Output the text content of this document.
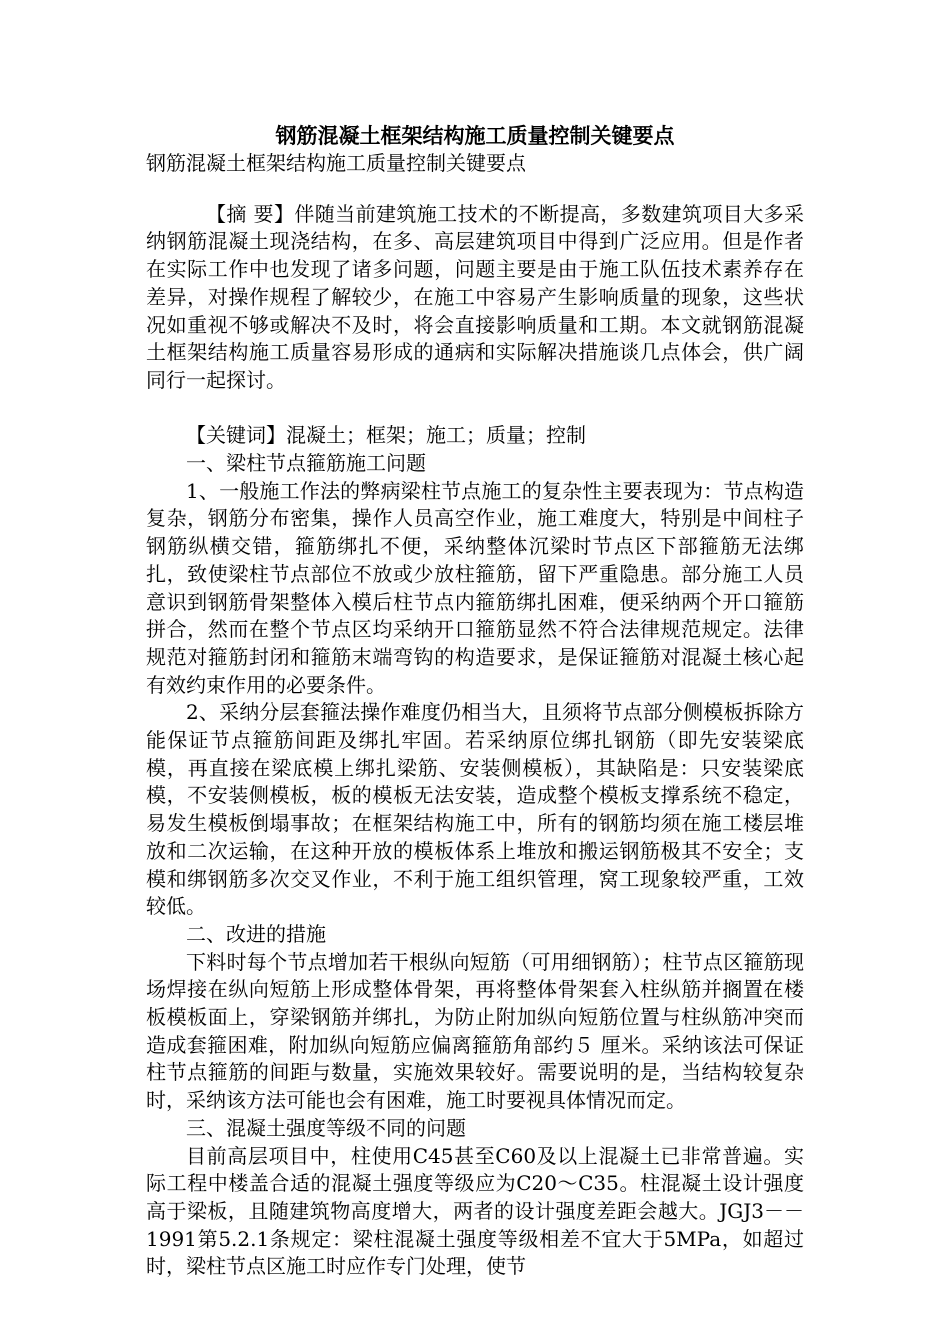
钢筋混凝土框架结构施工质量控制关键要点

钢筋混凝土框架结构施工质量控制关键要点

【摘 要】伴随当前建筑施工技术的不断提高，多数建筑项目大多采纳钢筋混凝土现浇结构，在多、高层建筑项目中得到广泛应用。但是作者在实际工作中也发现了诸多问题，问题主要是由于施工队伍技术素养存在差异，对操作规程了解较少，在施工中容易产生影响质量的现象，这些状况如重视不够或解决不及时，将会直接影响质量和工期。本文就钢筋混凝土框架结构施工质量容易形成的通病和实际解决措施谈几点体会，供广阔同行一起探讨。

【关键词】混凝土；框架；施工；质量；控制

一、梁柱节点箍筋施工问题

1、一般施工作法的弊病梁柱节点施工的复杂性主要表现为：节点构造复杂，钢筋分布密集，操作人员高空作业，施工难度大，特别是中间柱子钢筋纵横交错，箍筋绑扎不便，采纳整体沉梁时节点区下部箍筋无法绑扎，致使梁柱节点部位不放或少放柱箍筋，留下严重隐患。部分施工人员意识到钢筋骨架整体入模后柱节点内箍筋绑扎困难，便采纳两个开口箍筋拼合，然而在整个节点区均采纳开口箍筋显然不符合法律规范规定。法律规范对箍筋封闭和箍筋末端弯钩的构造要求，是保证箍筋对混凝土核心起有效约束作用的必要条件。

2、采纳分层套箍法操作难度仍相当大，且须将节点部分侧模板拆除方能保证节点箍筋间距及绑扎牢固。若采纳原位绑扎钢筋（即先安装梁底模，再直接在梁底模上绑扎梁筋、安装侧模板），其缺陷是：只安装梁底模，不安装侧模板，板的模板无法安装，造成整个模板支撑系统不稳定，易发生模板倒塌事故；在框架结构施工中，所有的钢筋均须在施工楼层堆放和二次运输，在这种开放的模板体系上堆放和搬运钢筋极其不安全；支模和绑钢筋多次交叉作业，不利于施工组织管理，窝工现象较严重，工效较低。

二、改进的措施

下料时每个节点增加若干根纵向短筋（可用细钢筋）；柱节点区箍筋现场焊接在纵向短筋上形成整体骨架，再将整体骨架套入柱纵筋并搁置在楼板模板面上，穿梁钢筋并绑扎，为防止附加纵向短筋位置与柱纵筋冲突而造成套箍困难，附加纵向短筋应偏离箍筋角部约５ 厘米。采纳该法可保证柱节点箍筋的间距与数量，实施效果较好。需要说明的是，当结构较复杂时，采纳该方法可能也会有困难，施工时要视具体情况而定。

三、混凝土强度等级不同的问题

目前高层项目中，柱使用C45甚至C60及以上混凝土已非常普遍。实际工程中楼盖合适的混凝土强度等级应为C20～C35。柱混凝土设计强度高于梁板，且随建筑物高度增大，两者的设计强度差距会越大。JGJ3－－1991第5.2.1条规定：梁柱混凝土强度等级相差不宜大于5MPa，如超过时，梁柱节点区施工时应作专门处理，使节
